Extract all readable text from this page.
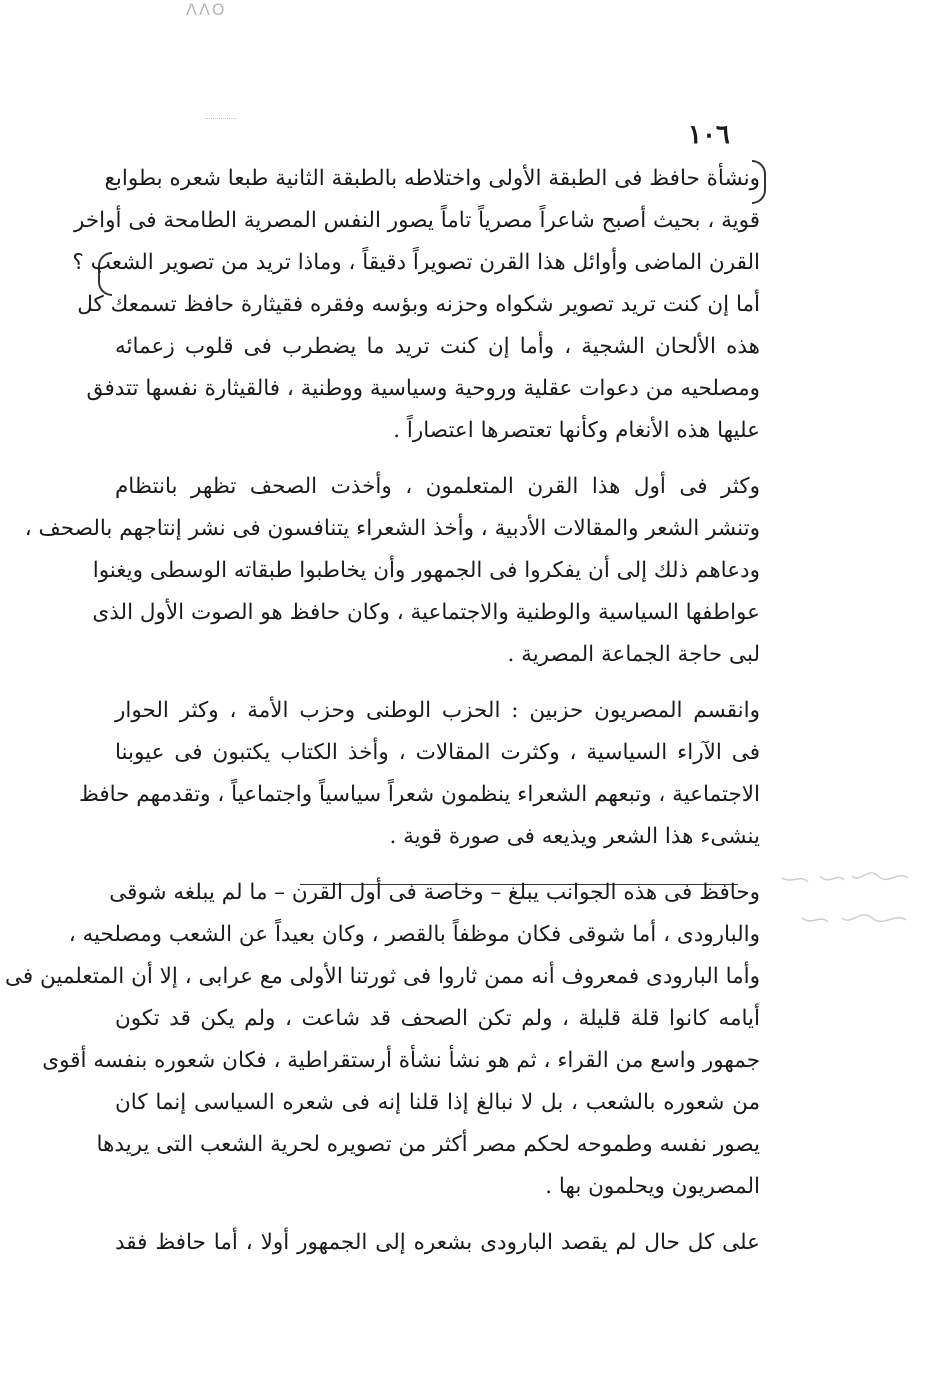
ΛΛΟ
١٠٦
ونشأة حافظ فى الطبقة الأولى واختلاطه بالطبقة الثانية طبعا شعره بطوابع
قوية ، بحيث أصبح شاعراً مصرياً تاماً يصور النفس المصرية الطامحة فى أواخر
القرن الماضى وأوائل هذا القرن تصويراً دقيقاً ، وماذا تريد من تصوير الشعب ؟
أما إن كنت تريد تصوير شكواه وحزنه وبؤسه وفقره فقيثارة حافظ تسمعك كل
هذه الألحان الشجية ، وأما إن كنت تريد ما يضطرب فى قلوب زعمائه
ومصلحيه من دعوات عقلية وروحية وسياسية ووطنية ، فالقيثارة نفسها تتدفق
عليها هذه الأنغام وكأنها تعتصرها اعتصاراً .
وكثر فى أول هذا القرن المتعلمون ، وأخذت الصحف تظهر بانتظام
وتنشر الشعر والمقالات الأدبية ، وأخذ الشعراء يتنافسون فى نشر إنتاجهم بالصحف ،
ودعاهم ذلك إلى أن يفكروا فى الجمهور وأن يخاطبوا طبقاته الوسطى ويغنوا
عواطفها السياسية والوطنية والاجتماعية ، وكان حافظ هو الصوت الأول الذى
لبى حاجة الجماعة المصرية .
وانقسم المصريون حزبين : الحزب الوطنى وحزب الأمة ، وكثر الحوار
فى الآراء السياسية ، وكثرت المقالات ، وأخذ الكتاب يكتبون فى عيوبنا
الاجتماعية ، وتبعهم الشعراء ينظمون شعراً سياسياً واجتماعياً ، وتقدمهم حافظ
ينشىء هذا الشعر ويذيعه فى صورة قوية .
وحافظ فى هذه الجوانب يبلغ – وخاصة فى أول القرن – ما لم يبلغه شوقى
والبارودى ، أما شوقى فكان موظفاً بالقصر ، وكان بعيداً عن الشعب ومصلحيه ،
وأما البارودى فمعروف أنه ممن ثاروا فى ثورتنا الأولى مع عرابى ، إلا أن المتعلمين فى
أيامه كانوا قلة قليلة ، ولم تكن الصحف قد شاعت ، ولم يكن قد تكون
جمهور واسع من القراء ، ثم هو نشأ نشأة أرستقراطية ، فكان شعوره بنفسه أقوى
من شعوره بالشعب ، بل لا نبالغ إذا قلنا إنه فى شعره السياسى إنما كان
يصور نفسه وطموحه لحكم مصر أكثر من تصويره لحرية الشعب التى يريدها
المصريون ويحلمون بها .
على كل حال لم يقصد البارودى بشعره إلى الجمهور أولا ، أما حافظ فقد
